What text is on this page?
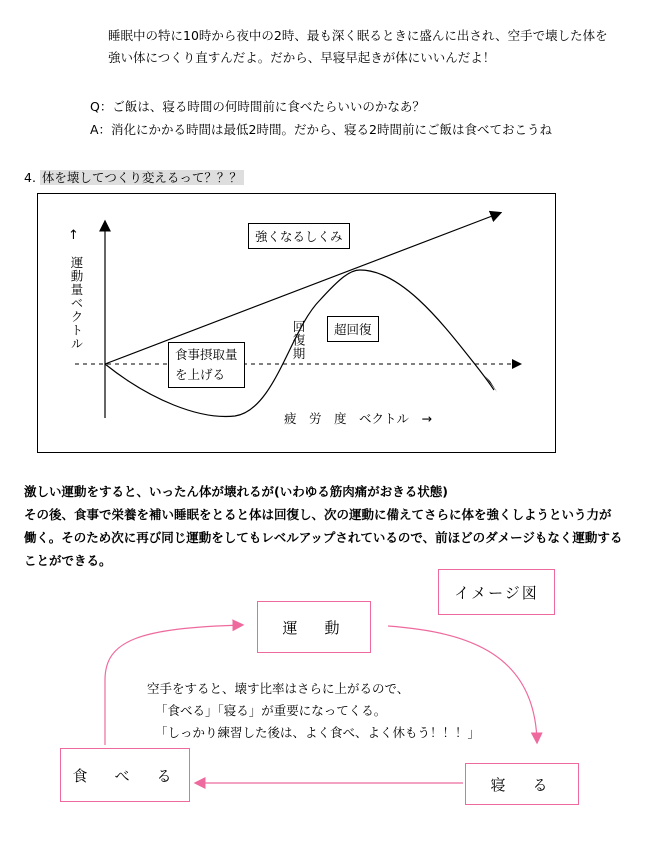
睡眠中の特に10時から夜中の2時、最も深く眠るときに盛んに出され、空手で壊した体を
強い体につくり直すんだよ。だから、早寝早起きが体にいいんだよ！
Q：ご飯は、寝る時間の何時間前に食べたらいいのかなあ？
A：消化にかかる時間は最低2時間。だから、寝る2時間前にご飯は食べておこうね
4. 体を壊してつくり変えるって？？？
↑
運動量ベクトル	回復期
強くなるしくみ
超回復
食事摂取量
を上げる
疲　労　度　ベクトル　→
激しい運動をすると、いったん体が壊れるが(いわゆる筋肉痛がおきる状態)
その後、食事で栄養を補い睡眠をとると体は回復し、次の運動に備えてさらに体を強くしようという力が
働く。そのため次に再び同じ運動をしてもレベルアップされているので、前ほどのダメージもなく運動する
ことができる。
イメージ図
運　動
寝　る
食　べ　る
空手をすると、壊す比率はさらに上がるので、
「食べる」「寝る」が重要になってくる。
「しっかり練習した後は、よく食べ、よく休もう！！！」
